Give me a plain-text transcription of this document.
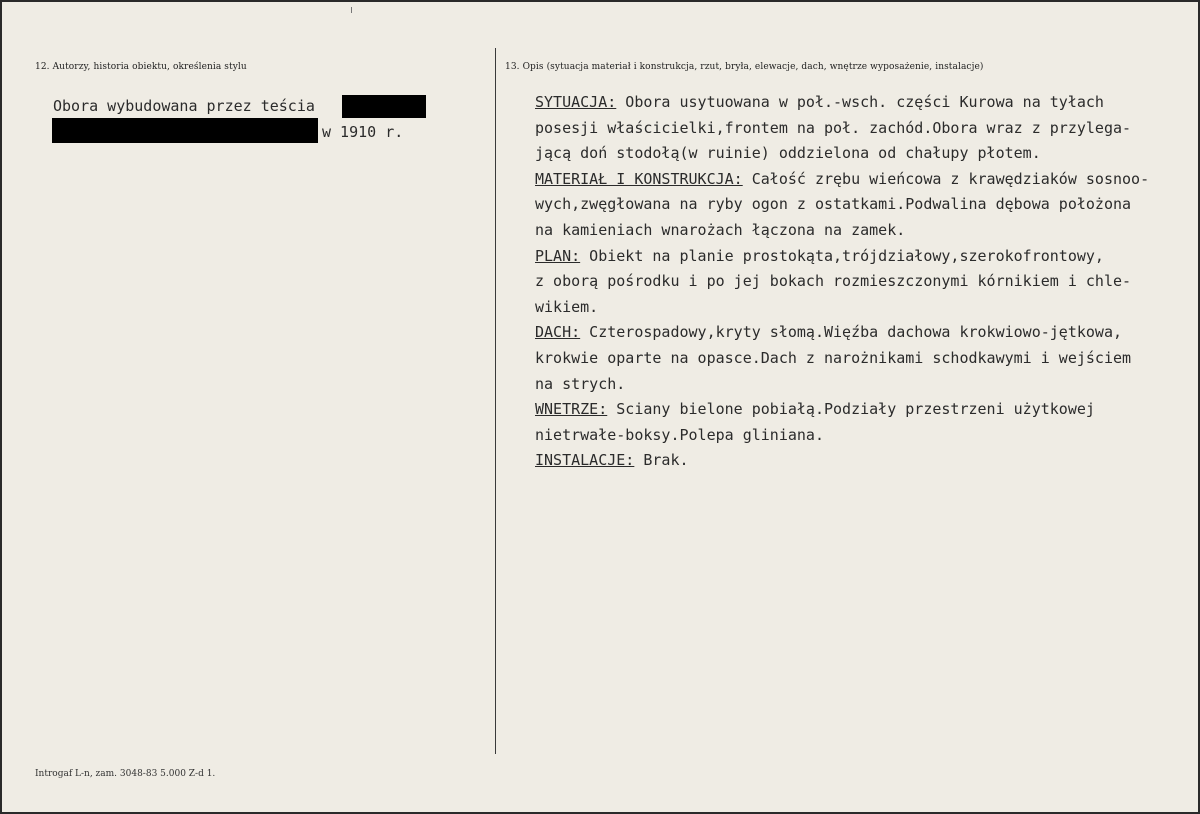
12. Autorzy, historia obiektu, określenia stylu
Obora wybudowana przez teścia
w 1910 r.
13. Opis (sytuacja materiał i konstrukcja, rzut, bryła, elewacje, dach, wnętrze wyposażenie, instalacje)
SYTUACJA: Obora usytuowana w poł.-wsch. części Kurowa na tyłach
posesji właścicielki,frontem na poł. zachód.Obora wraz z przylega-
jącą doń stodołą(w ruinie) oddzielona od chałupy płotem.
MATERIAŁ I KONSTRUKCJA: Całość zrębu wieńcowa z krawędziaków sosnoo-
wych,zwęgłowana na ryby ogon z ostatkami.Podwalina dębowa położona
na kamieniach wnarożach łączona na zamek.
PLAN: Obiekt na planie prostokąta,trójdziałowy,szerokofrontowy,
z oborą pośrodku i po jej bokach rozmieszczonymi kórnikiem i chle-
wikiem.
DACH: Czterospadowy,kryty słomą.Więźba dachowa krokwiowo-jętkowa,
krokwie oparte na opasce.Dach z narożnikami schodkawymi i wejściem
na strych.
WNETRZE: Sciany bielone pobiałą.Podziały przestrzeni użytkowej
nietrwałe-boksy.Polepa gliniana.
INSTALACJE: Brak.
Introgaf L-n, zam. 3048-83 5.000 Z-d 1.
